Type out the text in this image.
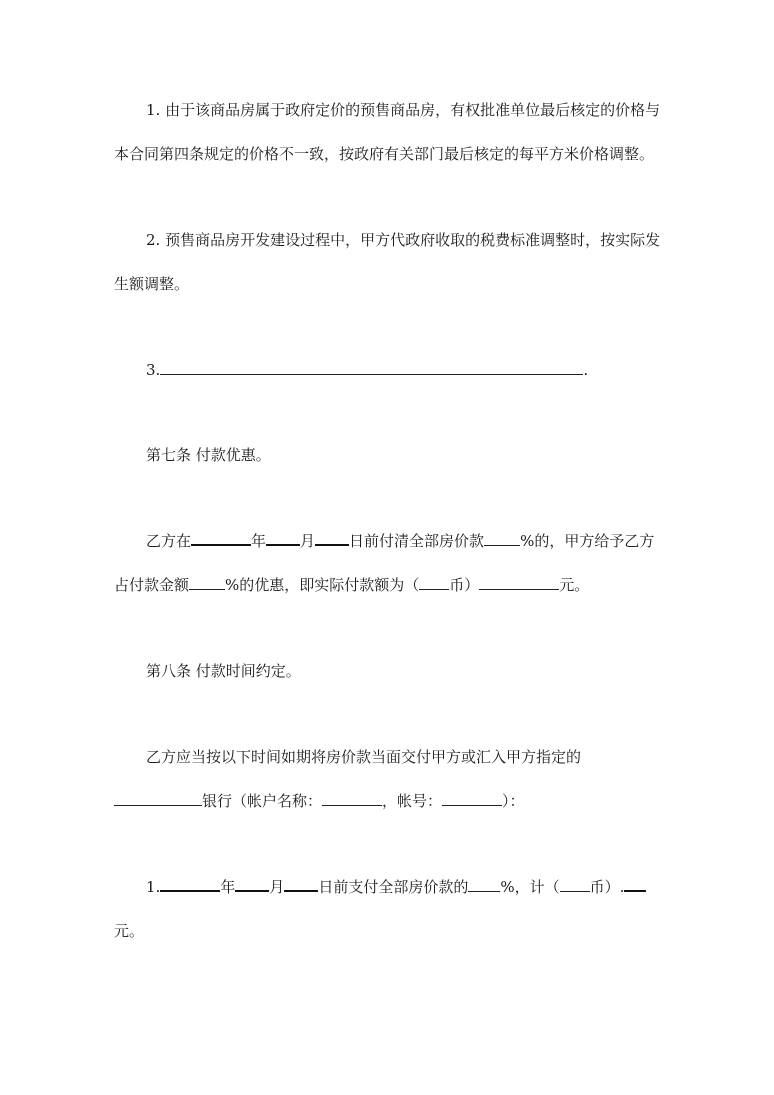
1. 由于该商品房属于政府定价的预售商品房，有权批准单位最后核定的价格与
本合同第四条规定的价格不一致，按政府有关部门最后核定的每平方米价格调整。
2. 预售商品房开发建设过程中，甲方代政府收取的税费标准调整时，按实际发
生额调整。
3.	.
第七条 付款优惠。
乙方在	年 月 日前付清全部房价款 %的，甲方给予乙方
占付款金额 %的优惠，即实际付款额为（ 币）	元。
第八条 付款时间约定。
乙方应当按以下时间如期将房价款当面交付甲方或汇入甲方指定的
银行（帐户名称：	，帐号：	）：
1.	年 月 日前支付全部房价款的 %，计（ 币）.
元。
